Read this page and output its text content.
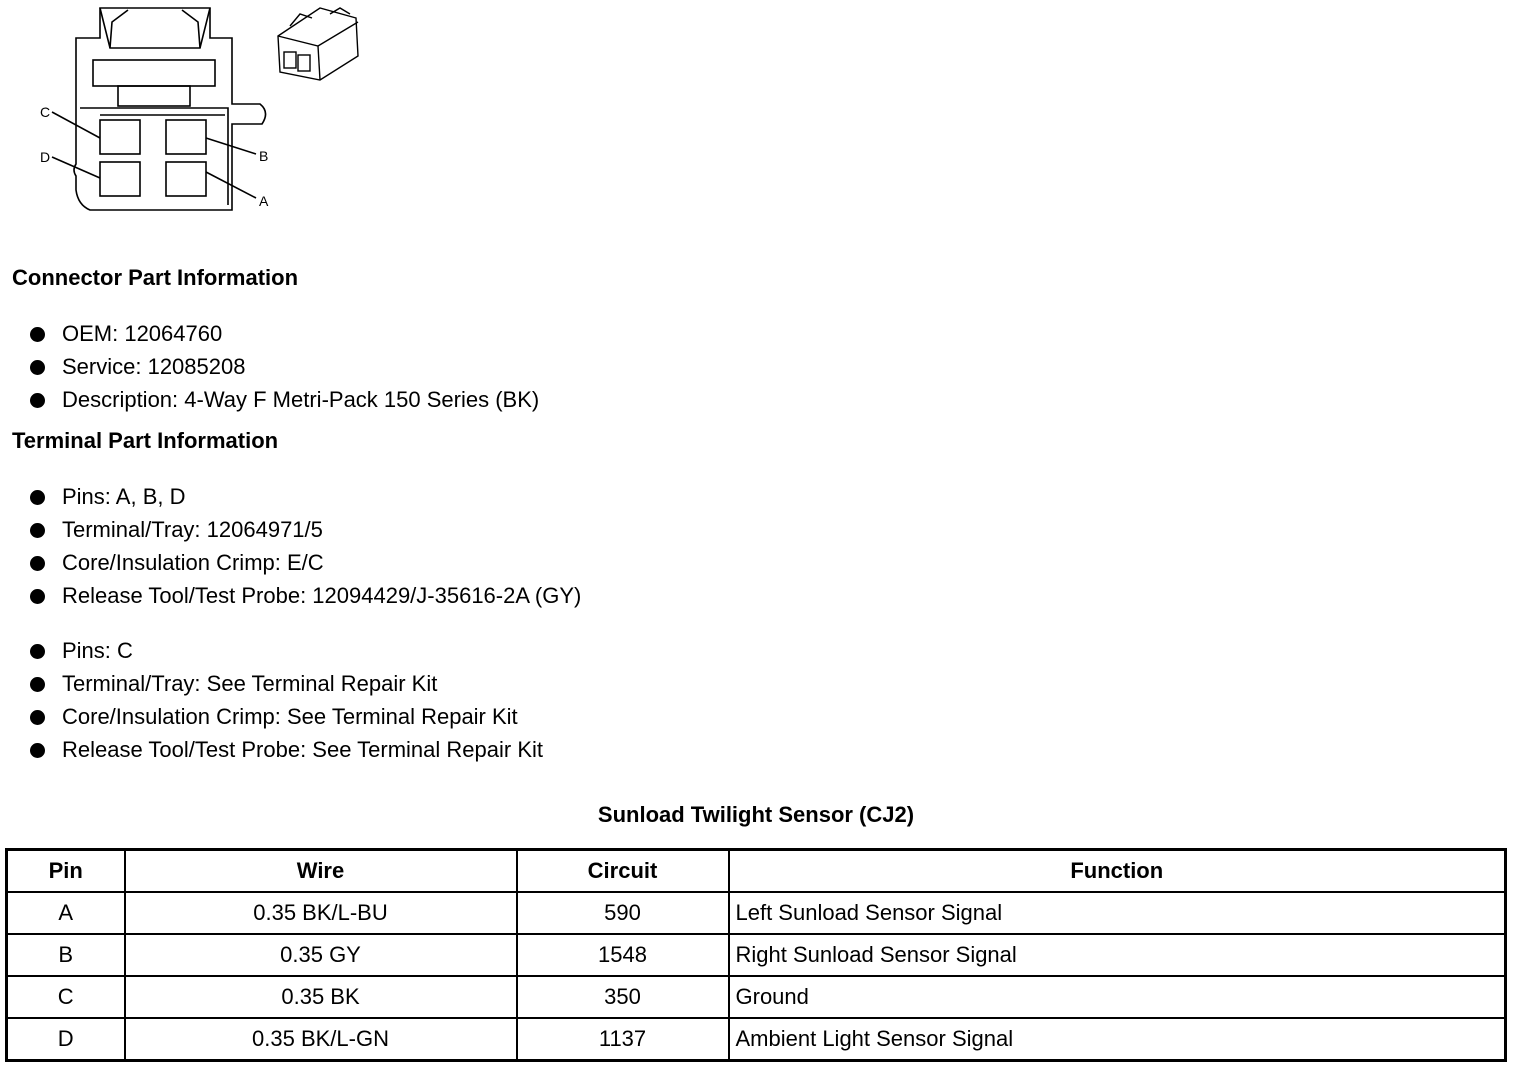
C
D	B
A
Connector Part Information
OEM: 12064760
Service: 12085208
Description: 4-Way F Metri-Pack 150 Series (BK)
Terminal Part Information
Pins: A, B, D
Terminal/Tray: 12064971/5
Core/Insulation Crimp: E/C
Release Tool/Test Probe: 12094429/J-35616-2A (GY)
Pins: C
Terminal/Tray: See Terminal Repair Kit
Core/Insulation Crimp: See Terminal Repair Kit
Release Tool/Test Probe: See Terminal Repair Kit
Sunload Twilight Sensor (CJ2)
Pin	Wire	Circuit	Function
A	0.35 BK/L-BU	590	Left Sunload Sensor Signal
B	0.35 GY	1548	Right Sunload Sensor Signal
C	0.35 BK	350	Ground
D	0.35 BK/L-GN	1137	Ambient Light Sensor Signal
